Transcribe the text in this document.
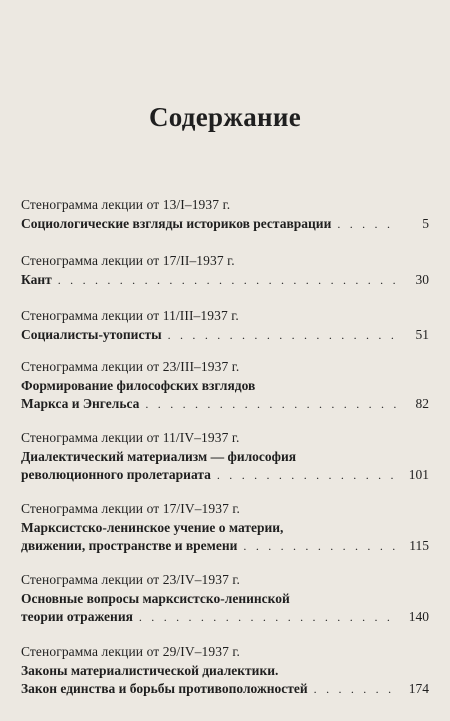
Содержание
Стенограмма лекции от 13/I–1937 г.
Социологические взгляды историков реставрации . . .	5
Стенограмма лекции от 17/II–1937 г.
Кант . . .	30
Стенограмма лекции от 11/III–1937 г.
Социалисты-утописты . . .	51
Стенограмма лекции от 23/III–1937 г.
Формирование философских взглядов
Маркса и Энгельса . . .	82
Стенограмма лекции от 11/IV–1937 г.
Диалектический материализм — философия
революционного пролетариата . . .	101
Стенограмма лекции от 17/IV–1937 г.
Марксистско-ленинское учение о материи,
движении, пространстве и времени . . .	115
Стенограмма лекции от 23/IV–1937 г.
Основные вопросы марксистско-ленинской
теории отражения . . .	140
Стенограмма лекции от 29/IV–1937 г.
Законы материалистической диалектики.
Закон единства и борьбы противоположностей . . .	174
